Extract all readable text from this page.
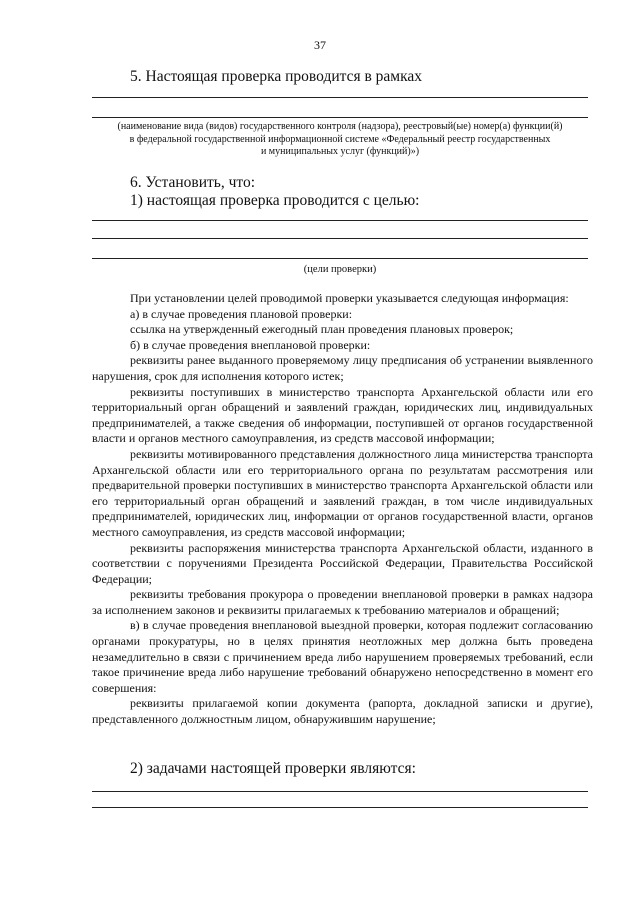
37
5. Настоящая проверка проводится в рамках
(наименование вида (видов) государственного контроля (надзора), реестровый(ые) номер(а) функции(й)
в федеральной государственной информационной системе «Федеральный реестр государственных
и муниципальных услуг (функций)»)
6. Установить, что:
1) настоящая проверка проводится с целью:
(цели проверки)

При установлении целей проводимой проверки указывается следующая информация:

а) в случае проведения плановой проверки:

ссылка на утвержденный ежегодный план проведения плановых проверок;

б) в случае проведения внеплановой проверки:

реквизиты ранее выданного проверяемому лицу предписания об устранении выявленного нарушения, срок для исполнения которого истек;

реквизиты поступивших в министерство транспорта Архангельской области или его территориальный орган обращений и заявлений граждан, юридических лиц, индивидуальных предпринимателей, а также сведения об информации, поступившей от органов государственной власти и органов местного самоуправления, из средств массовой информации;

реквизиты мотивированного представления должностного лица министерства транспорта Архангельской области или его территориального органа по результатам рассмотрения или предварительной проверки поступивших в министерство транспорта Архангельской области или его территориальный орган обращений и заявлений граждан, в том числе индивидуальных предпринимателей, юридических лиц, информации от органов государственной власти, органов местного самоуправления, из средств массовой информации;

реквизиты распоряжения министерства транспорта Архангельской области, изданного в соответствии с поручениями Президента Российской Федерации, Правительства Российской Федерации;

реквизиты требования прокурора о проведении внеплановой проверки в рамках надзора за исполнением законов и реквизиты прилагаемых к требованию материалов и обращений;

в) в случае проведения внеплановой выездной проверки, которая подлежит согласованию органами прокуратуры, но в целях принятия неотложных мер должна быть проведена незамедлительно в связи с причинением вреда либо нарушением проверяемых требований, если такое причинение вреда либо нарушение требований обнаружено непосредственно в момент его совершения:

реквизиты прилагаемой копии документа (рапорта, докладной записки и другие), представленного должностным лицом, обнаружившим нарушение;

2) задачами настоящей проверки являются:
